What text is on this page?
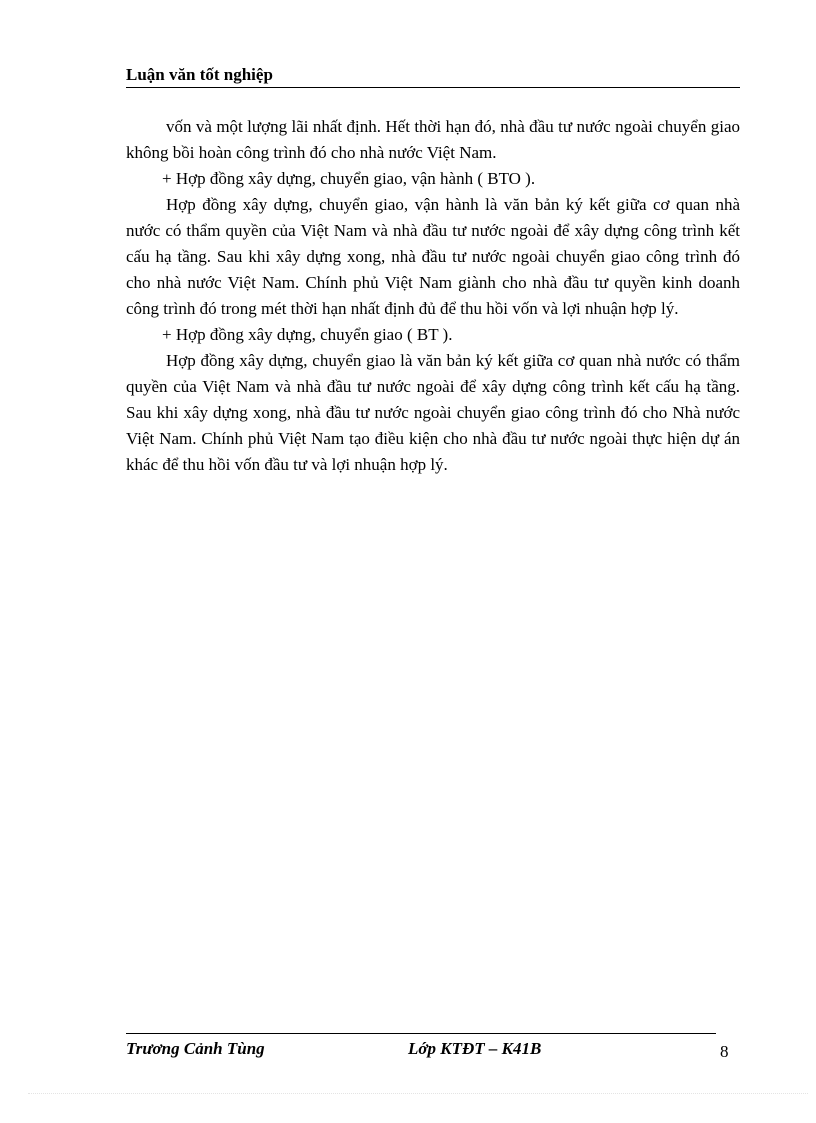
Luận văn tốt nghiệp

vốn và một lượng lãi nhất định. Hết thời hạn đó, nhà đầu tư nước ngoài chuyển giao không bồi hoàn công trình đó cho nhà nước Việt Nam.

+ Hợp đồng xây dựng, chuyển giao, vận hành ( BTO ).

Hợp đồng xây dựng, chuyển giao, vận hành là văn bản ký kết giữa cơ quan nhà nước có thẩm quyền của Việt Nam và nhà đầu tư nước ngoài để xây dựng công trình kết cấu hạ tầng. Sau khi xây dựng xong, nhà đầu tư nước ngoài chuyển giao công trình đó cho nhà nước Việt Nam. Chính phủ Việt Nam giành cho nhà đầu tư quyền kinh doanh công trình đó trong mét thời hạn nhất định đủ để thu hồi vốn và lợi nhuận hợp lý.

+ Hợp đồng xây dựng, chuyển giao ( BT ).

Hợp đồng xây dựng, chuyển giao là văn bản ký kết giữa cơ quan nhà nước có thẩm quyền của Việt Nam và nhà đầu tư nước ngoài để xây dựng công trình kết cấu hạ tầng. Sau khi xây dựng xong, nhà đầu tư nước ngoài chuyển giao công trình đó cho Nhà nước Việt Nam. Chính phủ Việt Nam tạo điều kiện cho nhà đầu tư nước ngoài thực hiện dự án khác để thu hồi vốn đầu tư và lợi nhuận hợp lý.

Trương Cảnh Tùng	Lớp KTĐT – K41B	8
